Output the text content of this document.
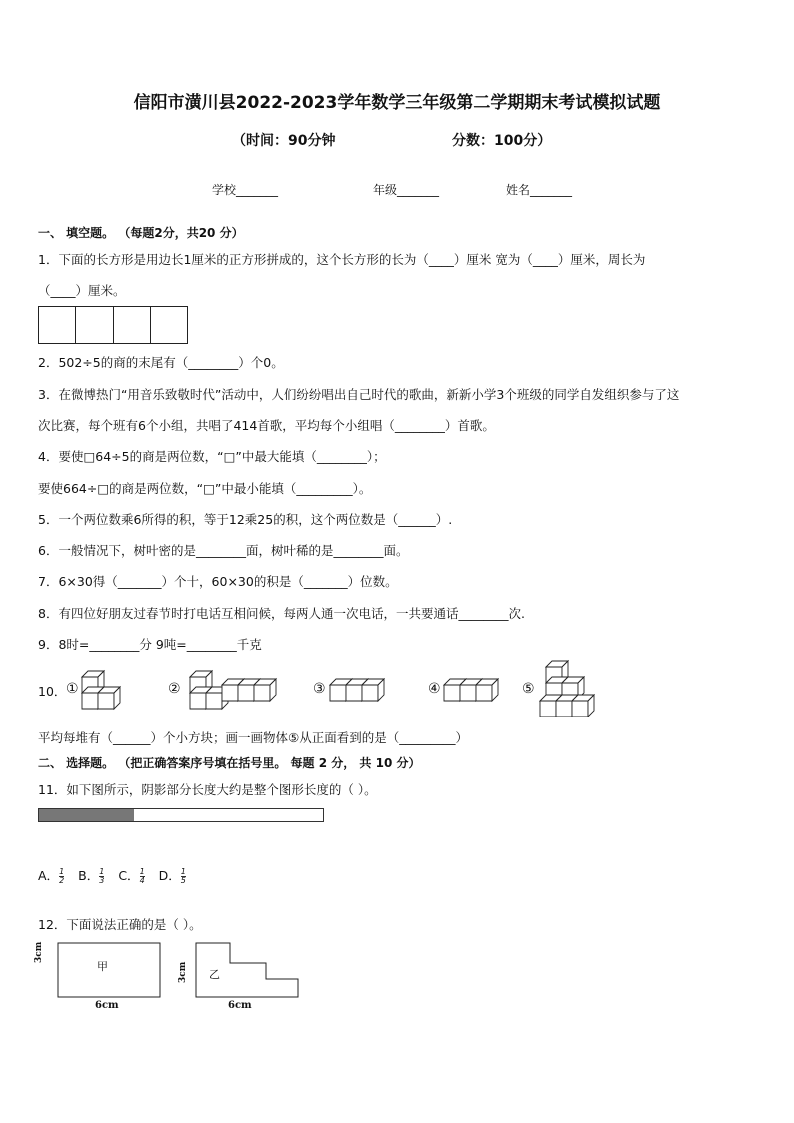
信阳市潢川县2022-2023学年数学三年级第二学期期末考试模拟试题
（时间：90分钟	分数：100分）
学校_______	年级_______	姓名_______
一、 填空题。 （每题2分，共20 分）
1．下面的长方形是用边长1厘米的正方形拼成的，这个长方形的长为（____）厘米 宽为（____）厘米，周长为
（____）厘米。
2．502÷5的商的末尾有（________）个0。
3．在微博热门“用音乐致敬时代”活动中，人们纷纷唱出自己时代的歌曲，新新小学3个班级的同学自发组织参与了这
次比赛，每个班有6个小组，共唱了414首歌，平均每个小组唱（________）首歌。
4．要使□64÷5的商是两位数，“□”中最大能填（________）；
要使664÷□的商是两位数，“□”中最小能填（_________）。
5．一个两位数乘6所得的积，等于12乘25的积，这个两位数是（______）.
6．一般情况下，树叶密的是________面，树叶稀的是________面。
7．6×30得（_______）个十，60×30的积是（_______）位数。
8．有四位好朋友过春节时打电话互相问候，每两人通一次电话，一共要通话________次.
9．8时=________分 9吨=________千克
10． ①	②	③	④	⑤
平均每堆有（______）个小方块；画一画物体⑤从正面看到的是（_________）
二、 选择题。 （把正确答案序号填在括号里。 每题 2 分， 共 10 分）
11．如下图所示，阴影部分长度大约是整个图形长度的（ ）。
A． $\frac{1}{2}$ B． $\frac{1}{3}$ C． $\frac{1}{4}$ D． $\frac{1}{5}$
12．下面说法正确的是（ ）。
甲
乙
3cm
3cm
6cm	6cm
